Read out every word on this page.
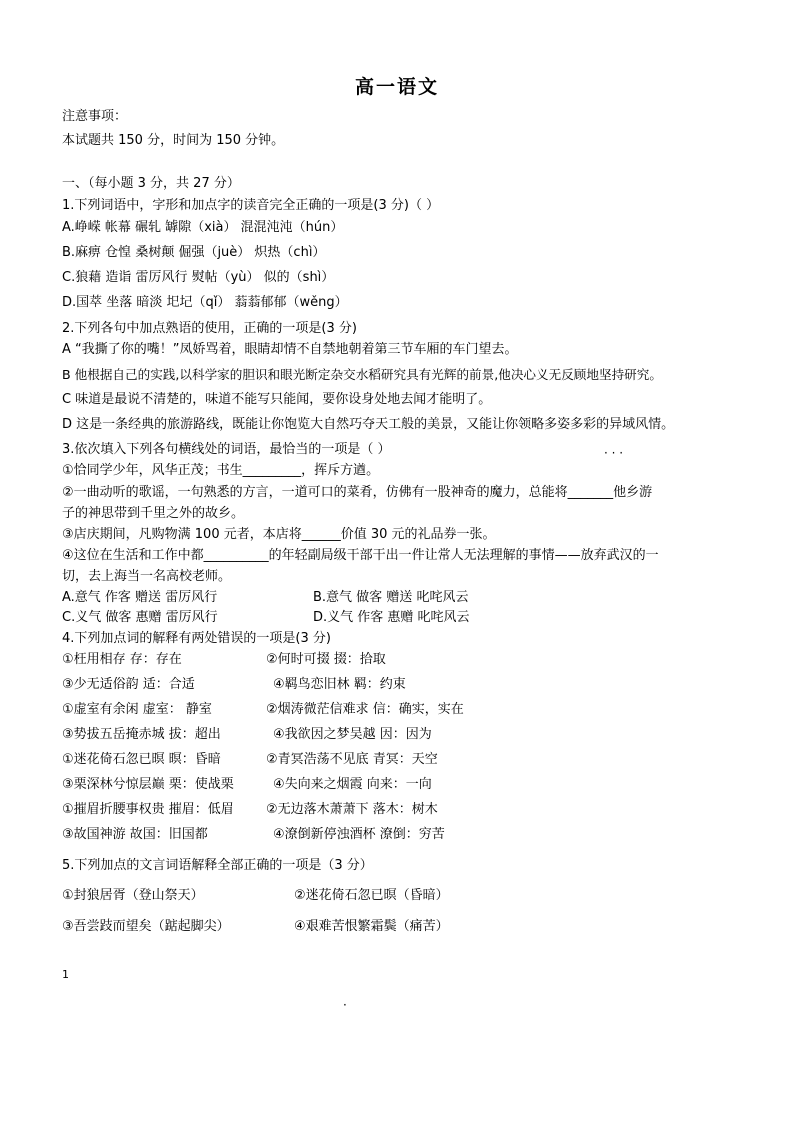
高一语文
注意事项：
本试题共 150 分，时间为 150 分钟。
一、（每小题 3 分，共 27 分）
1.下列词语中，字形和加点字的读音完全正确的一项是(3 分)（ ）
A.峥嵘 帐幕 碾轧 罅隙（xià） 混混沌沌（hún）
B.麻痹 仓惶 桑树颠 倔强（juè） 炽热（chì）
C.狼藉 造诣 雷厉风行 熨帖（yù） 似的（shì）
D.国萃 坐落 暗淡 圯圮（qǐ） 蓊蓊郁郁（wěng）
2.下列各句中加点熟语的使用，正确的一项是(3 分)
A “我撕了你的嘴！”凤娇骂着，眼睛却情不自禁地朝着第三节车厢的车门望去。
B 他根据自己的实践,以科学家的胆识和眼光断定杂交水稻研究具有光辉的前景,他决心义无反顾地坚持研究。
C 味道是最说不清楚的，味道不能写只能闻，要你设身处地去闻才能明了。
D 这是一条经典的旅游路线，既能让你饱览大自然巧夺天工般的美景，又能让你领略多姿多彩的异域风情。
3.依次填入下列各句横线处的词语，最恰当的一项是（ ）	· · ·
①恰同学少年，风华正茂；书生_________，挥斥方遒。
②一曲动听的歌谣，一句熟悉的方言，一道可口的菜肴，仿佛有一股神奇的魔力，总能将_______他乡游
子的神思带到千里之外的故乡。
③店庆期间，凡购物满 100 元者，本店将______价值 30 元的礼品券一张。
④这位在生活和工作中都__________的年轻副局级干部干出一件让常人无法理解的事情——放弃武汉的一
切，去上海当一名高校老师。
A.意气 作客 赠送 雷厉风行	B.意气 做客 赠送 叱咤风云
C.义气 做客 惠赠 雷厉风行	D.义气 作客 惠赠 叱咤风云
4.下列加点词的解释有两处错误的一项是(3 分)
①枉用相存 存：存在	②何时可掇 掇：拾取
③少无适俗韵 适：合适	④羁鸟恋旧林 羁：约束
①虚室有余闲 虚室： 静室	②烟涛微茫信难求 信：确实，实在
③势拔五岳掩赤城 拔：超出	④我欲因之梦吴越 因：因为
①迷花倚石忽已暝 暝：昏暗	②青冥浩荡不见底 青冥：天空
③栗深林兮惊层巅 栗：使战栗	④失向来之烟霞 向来：一向
①摧眉折腰事权贵 摧眉：低眉 ②无边落木萧萧下 落木：树木
③故国神游 故国：旧国都	④潦倒新停浊酒杯 潦倒：穷苦
5.下列加点的文言词语解释全部正确的一项是（3 分）
①封狼居胥（登山祭天）	②迷花倚石忽已暝（昏暗）
③吾尝跂而望矣（踮起脚尖）	④艰难苦恨繁霜鬓（痛苦）
1
·
